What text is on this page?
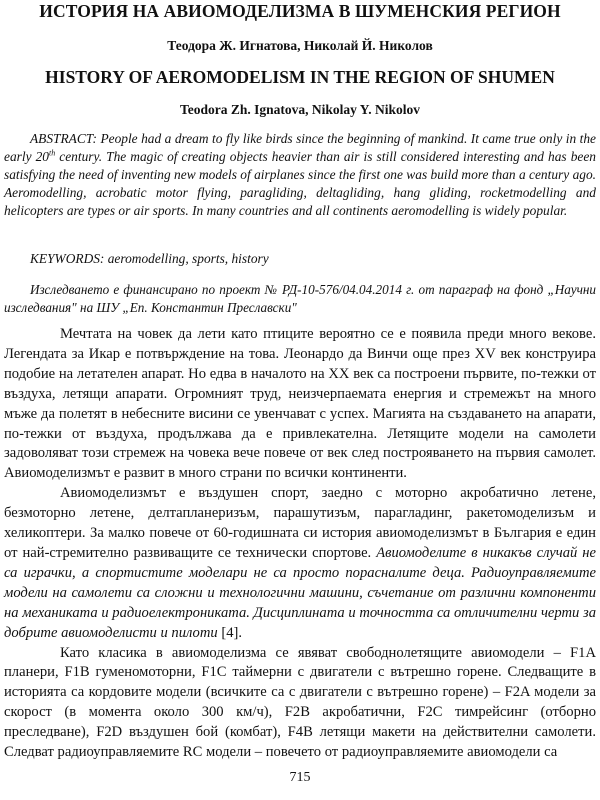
ИСТОРИЯ НА АВИОМОДЕЛИЗМА В ШУМЕНСКИЯ РЕГИОН
Теодора Ж. Игнатова, Николай Й. Николов
HISTORY OF AEROMODELISM IN THE REGION OF SHUMEN
Teodora Zh. Ignatova, Nikolay Y. Nikolov

ABSTRACT: People had a dream to fly like birds since the beginning of mankind. It came true only in the early 20th century. The magic of creating objects heavier than air is still considered interesting and has been satisfying the need of inventing new models of airplanes since the first one was build more than a century ago. Aeromodelling, acrobatic motor flying, paragliding, deltagliding, hang gliding, rocketmodelling and helicopters are types or air sports. In many countries and all continents aeromodelling is widely popular.

KEYWORDS: aeromodelling, sports, history

Изследването е финансирано по проект № РД-10-576/04.04.2014 г. от параграф на фонд „Научни изследвания" на ШУ „Еп. Константин Преславски"

Мечтата на човек да лети като птиците вероятно се е появила преди много векове. Легендата за Икар е потвърждение на това. Леонардо да Винчи още през XV век конструира подобие на летателен апарат. Но едва в началото на XX век са построени първите, по-тежки от въздуха, летящи апарати. Огромният труд, неизчерпаемата енергия и стремежът на много мъже да полетят в небесните висини се увенчават с успех. Магията на създаването на апарати, по-тежки от въздуха, продължава да е привлекателна. Летящите модели на самолети задоволяват този стремеж на човека вече повече от век след построяването на първия самолет. Авиомоделизмът е развит в много страни по всички континенти.

Авиомоделизмът е въздушен спорт, заедно с моторно акробатично летене, безмоторно летене, делтапланеризъм, парашутизъм, парагладинг, ракетомоделизъм и хеликоптери. За малко повече от 60-годишната си история авиомоделизмът в България е един от най-стремително развиващите се технически спортове. Авиомоделите в никакъв случай не са играчки, а спортистите моделари не са просто порасналите деца. Радиоуправляемите модели на самолети са сложни и технологични машини, съчетание от различни компоненти на механиката и радиоелектрониката. Дисциплината и точността са отличителни черти за добрите авиомоделисти и пилоти [4].

Като класика в авиомоделизма се явяват свободнолетящите авиомодели – F1A планери, F1B гуменомоторни, F1C таймерни с двигатели с вътрешно горене. Следващите в историята са кордовите модели (всичките са с двигатели с вътрешно горене) – F2A модели за скорост (в момента около 300 км/ч), F2B акробатични, F2C тимрейсинг (отборно преследване), F2D въздушен бой (комбат), F4B летящи макети на действителни самолети. Следват радиоуправляемите RC модели – повечето от радиоуправляемите авиомодели са

715
